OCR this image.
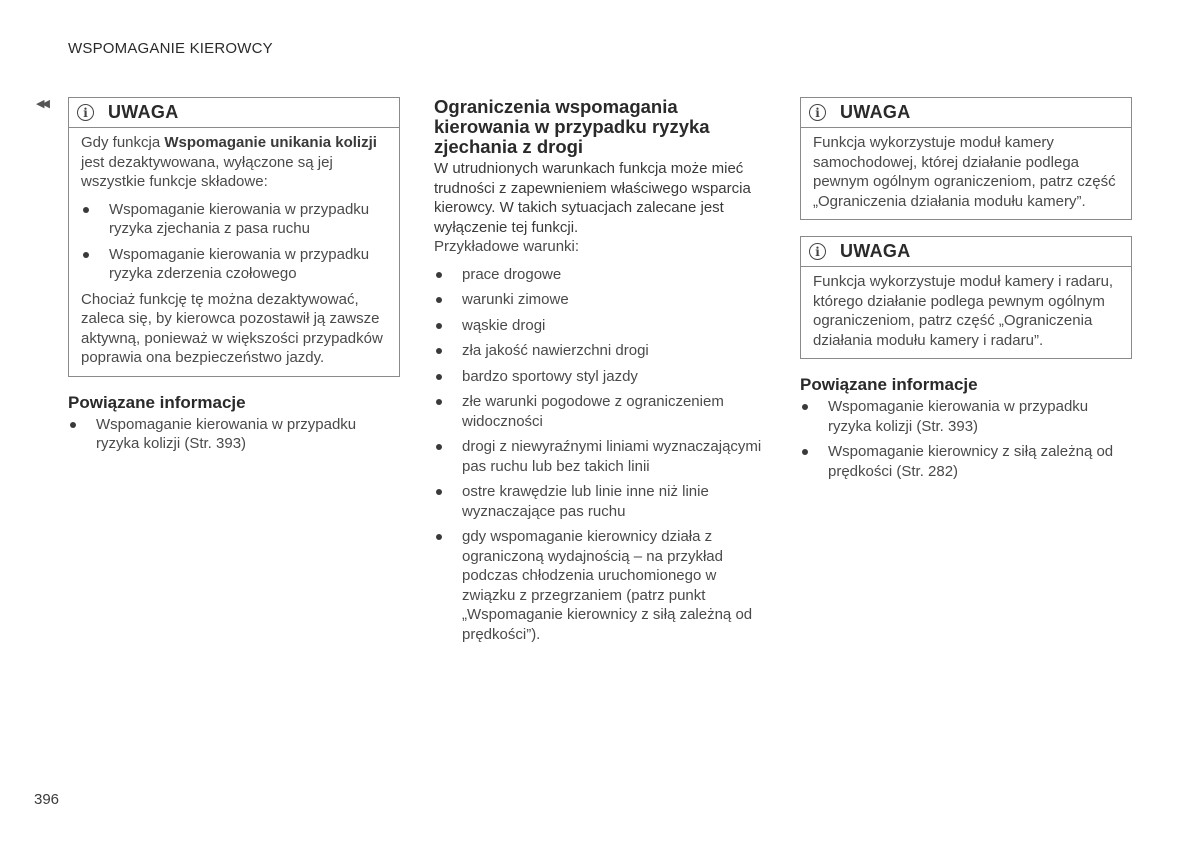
WSPOMAGANIE KIEROWCY
◀◀
i	UWAGA

Gdy funkcja Wspomaganie unikania kolizji jest dezaktywowana, wyłączone są jej wszystkie funkcje składowe:

Wspomaganie kierowania w przypadku ryzyka zjechania z pasa ruchu
Wspomaganie kierowania w przypadku ryzyka zderzenia czołowego

Chociaż funkcję tę można dezaktywować, zaleca się, by kierowca pozostawił ją zawsze aktywną, ponieważ w większości przypadków poprawia ona bezpieczeństwo jazdy.

Powiązane informacje
Wspomaganie kierowania w przypadku ryzyka kolizji (Str. 393)
Ograniczenia wspomagania kierowania w przypadku ryzyka zjechania z drogi

W utrudnionych warunkach funkcja może mieć trudności z zapewnieniem właściwego wsparcia kierowcy. W takich sytuacjach zalecane jest wyłączenie tej funkcji.

Przykładowe warunki:

prace drogowe
warunki zimowe
wąskie drogi
zła jakość nawierzchni drogi
bardzo sportowy styl jazdy
złe warunki pogodowe z ograniczeniem widoczności
drogi z niewyraźnymi liniami wyznaczającymi pas ruchu lub bez takich linii
ostre krawędzie lub linie inne niż linie wyznaczające pas ruchu
gdy wspomaganie kierownicy działa z ograniczoną wydajnością – na przykład podczas chłodzenia uruchomionego w związku z przegrzaniem (patrz punkt „Wspomaganie kierownicy z siłą zależną od prędkości”).
i	UWAGA

Funkcja wykorzystuje moduł kamery samochodowej, której działanie podlega pewnym ogólnym ograniczeniom, patrz część „Ograniczenia działania modułu kamery”.

i	UWAGA

Funkcja wykorzystuje moduł kamery i radaru, którego działanie podlega pewnym ogólnym ograniczeniom, patrz część „Ograniczenia działania modułu kamery i radaru”.

Powiązane informacje
Wspomaganie kierowania w przypadku ryzyka kolizji (Str. 393)
Wspomaganie kierownicy z siłą zależną od prędkości (Str. 282)
396
